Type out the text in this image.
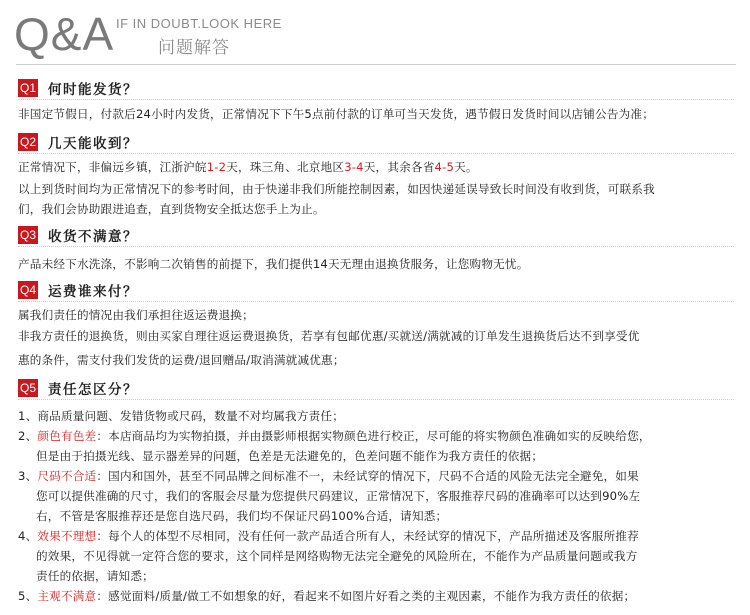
Q&A IF IN DOUBT.LOOK HERE
问题解答
Q1 何时能发货？
非国定节假日，付款后24小时内发货，正常情况下下午5点前付款的订单可当天发货，遇节假日发货时间以店铺公告为准；
Q2 几天能收到？
正常情况下，非偏远乡镇，江浙沪皖1-2天，珠三角、北京地区3-4天，其余各省4-5天。
以上到货时间均为正常情况下的参考时间，由于快递非我们所能控制因素，如因快递延误导致长时间没有收到货，可联系我
们，我们会协助跟进追查，直到货物安全抵达您手上为止。
Q3 收货不满意？
产品未经下水洗涤，不影响二次销售的前提下，我们提供14天无理由退换货服务，让您购物无忧。
Q4 运费谁来付？
属我们责任的情况由我们承担往返运费退换；
非我方责任的退换货，则由买家自理往返运费退换货，若享有包邮优惠/买就送/满就减的订单发生退换货后达不到享受优
惠的条件，需支付我们发货的运费/退回赠品/取消满就减优惠；
Q5 责任怎区分？
1、商品质量问题、发错货物或尺码，数量不对均属我方责任；
2、颜色有色差：本店商品均为实物拍摄，并由摄影师根据实物颜色进行校正，尽可能的将实物颜色准确如实的反映给您，
但是由于拍摄光线、显示器差异的问题，色差是无法避免的，色差问题不能作为我方责任的依据；
3、尺码不合适：国内和国外，甚至不同品牌之间标准不一，未经试穿的情况下，尺码不合适的风险无法完全避免，如果
您可以提供准确的尺寸，我们的客服会尽量为您提供尺码建议，正常情况下，客服推荐尺码的准确率可以达到90%左
右，不管是客服推荐还是您自选尺码，我们均不保证尺码100%合适，请知悉；
4、效果不理想：每个人的体型不尽相同，没有任何一款产品适合所有人，未经试穿的情况下，产品所描述及客服所推荐
的效果，不见得就一定符合您的要求，这个同样是网络购物无法完全避免的风险所在，不能作为产品质量问题或我方
责任的依据，请知悉；
5、主观不满意：感觉面料/质量/做工不如想象的好，看起来不如图片好看之类的主观因素，不能作为我方责任的依据；
